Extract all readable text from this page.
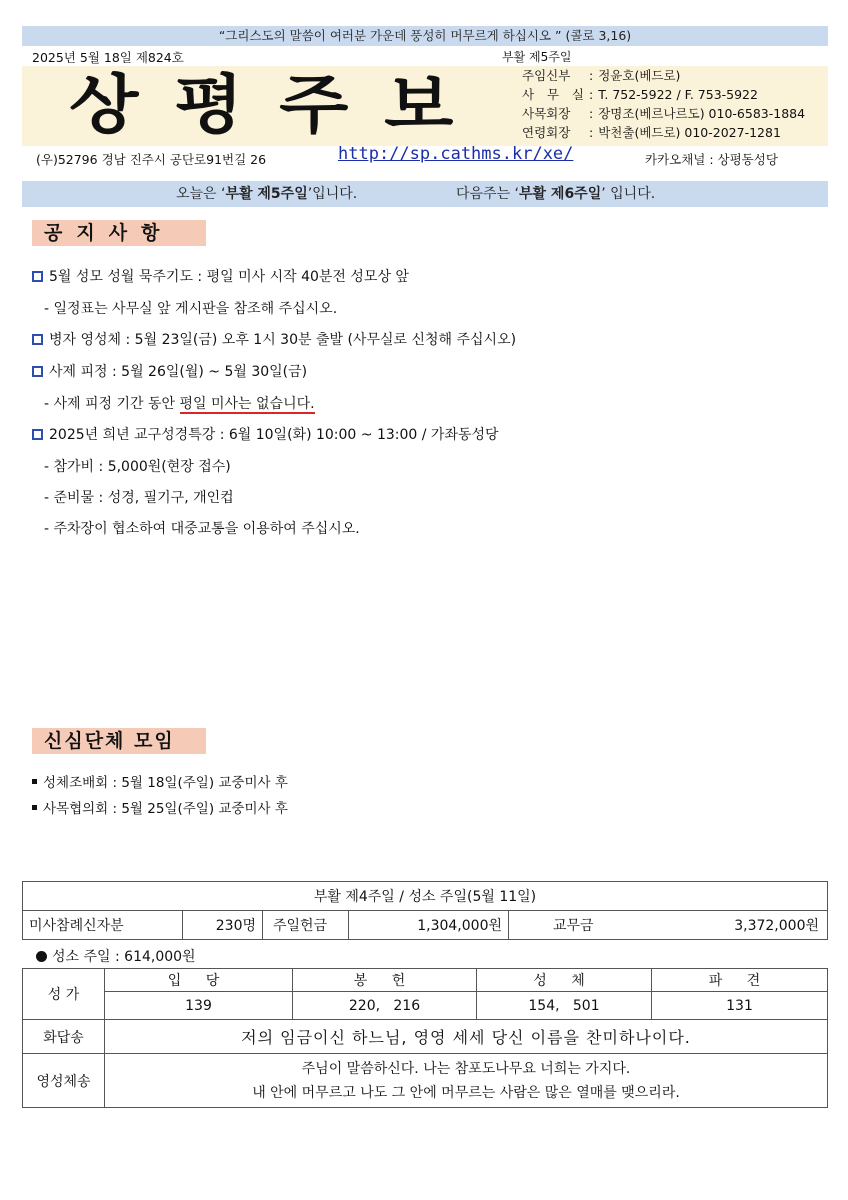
“그리스도의 말씀이 여러분 가운데 풍성히 머무르게 하십시오 ” (콜로 3,16)
2025년 5월 18일 제824호	부활 제5주일
상 평 주 보	주임신부	: 정윤호(베드로)
사 무 실 : T. 752-5922 / F. 753-5922
사목회장	: 장명조(베르나르도) 010-6583-1884
연령회장	: 박천출(베드로) 010-2027-1281
(우)52796 경남 진주시 공단로91번길 26	http://sp.cathms.kr/xe/	카카오채널 : 상평동성당
오늘은 ‘부활 제5주일’입니다.	다음주는 ‘부활 제6주일’ 입니다.
공지사항
5월 성모 성월 묵주기도 : 평일 미사 시작 40분전 성모상 앞
- 일정표는 사무실 앞 게시판을 참조해 주십시오.
병자 영성체 : 5월 23일(금) 오후 1시 30분 출발 (사무실로 신청해 주십시오)
사제 피정 : 5월 26일(월) ~ 5월 30일(금)
- 사제 피정 기간 동안 평일 미사는 없습니다.
2025년 희년 교구성경특강 : 6월 10일(화) 10:00 ~ 13:00 / 가좌동성당
- 참가비 : 5,000원(현장 접수)
- 준비물 : 성경, 필기구, 개인컵
- 주차장이 협소하여 대중교통을 이용하여 주십시오.
신심단체 모임
성체조배회 : 5월 18일(주일) 교중미사 후
사목협의회 : 5월 25일(주일) 교중미사 후
부활 제4주일 / 성소 주일(5월 11일)
미사참례신자분	230명	주일헌금	1,304,000원	교무금	3,372,000원
성소 주일 : 614,000원
성 가	입 당	봉 헌	성 체	파 견
	139	220,   216	154,   501	131
화답송	저의 임금이신 하느님, 영영 세세 당신 이름을 찬미하나이다.			
영성체송	주님이 말씀하신다. 나는 참포도나무요 너희는 가지다.
내 안에 머무르고 나도 그 안에 머무르는 사람은 많은 열매를 맺으리라.			
